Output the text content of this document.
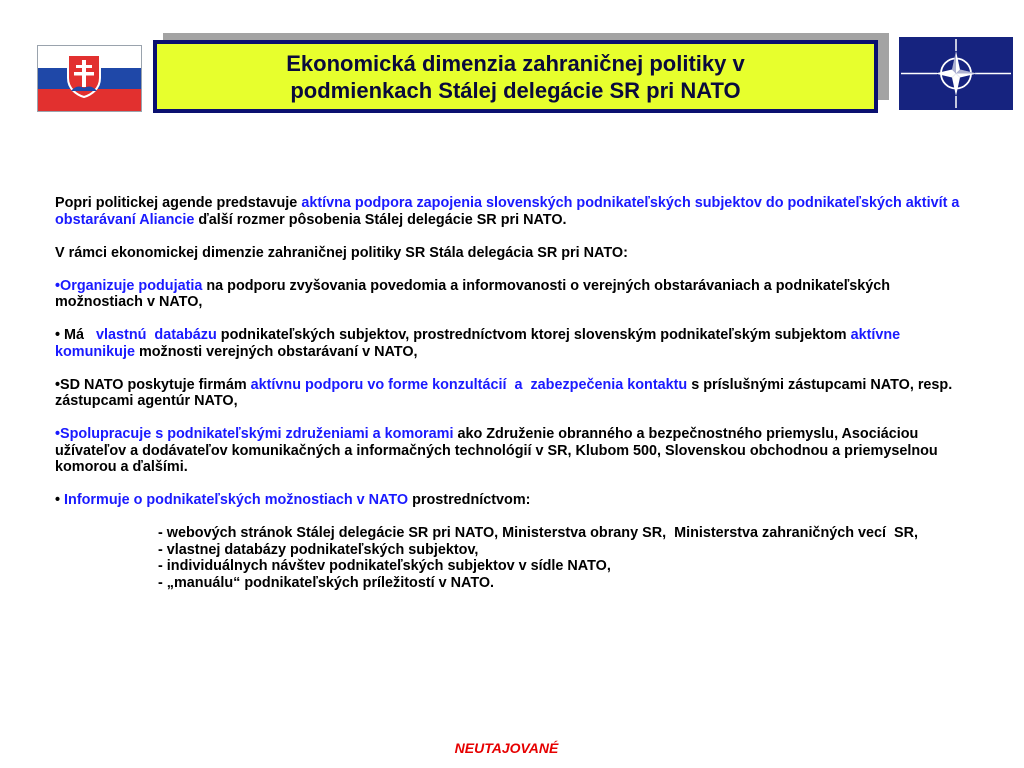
Ekonomická dimenzia zahraničnej politiky v
podmienkach Stálej delegácie SR pri NATO

Popri politickej agende predstavuje aktívna podpora zapojenia slovenských podnikateľských subjektov do podnikateľských aktivít a obstarávaní Aliancie ďalší rozmer pôsobenia Stálej delegácie SR pri NATO.

V rámci ekonomickej dimenzie zahraničnej politiky SR Stála delegácia SR pri NATO:

•Organizuje podujatia na podporu zvyšovania povedomia a informovanosti o verejných obstarávaniach a podnikateľských možnostiach v NATO,

• Má   vlastnú  databázu podnikateľských subjektov, prostredníctvom ktorej slovenským podnikateľským subjektom aktívne komunikuje možnosti verejných obstarávaní v NATO,

•SD NATO poskytuje firmám aktívnu podporu vo forme konzultácií  a  zabezpečenia kontaktu s príslušnými zástupcami NATO, resp. zástupcami agentúr NATO,

•Spolupracuje s podnikateľskými združeniami a komorami ako Združenie obranného a bezpečnostného priemyslu, Asociáciou užívateľov a dodávateľov komunikačných a informačných technológií v SR, Klubom 500, Slovenskou obchodnou a priemyselnou komorou a ďalšími.

• Informuje o podnikateľských možnostiach v NATO prostredníctvom:

- webových stránok Stálej delegácie SR pri NATO, Ministerstva obrany SR,  Ministerstva zahraničných vecí  SR,
- vlastnej databázy podnikateľských subjektov,
- individuálnych návštev podnikateľských subjektov v sídle NATO,
- „manuálu“ podnikateľských príležitostí v NATO.
NEUTAJOVANÉ
